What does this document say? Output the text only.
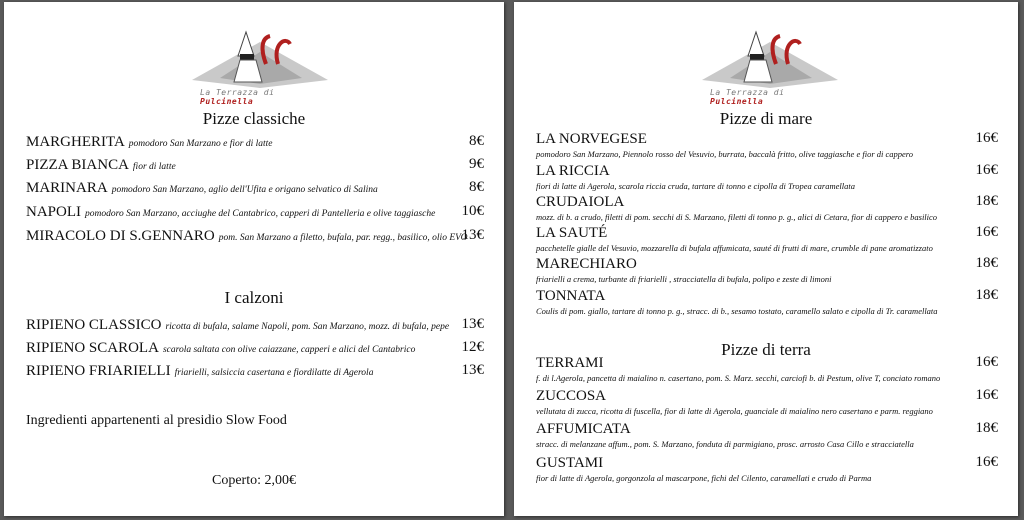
La Terrazza di Pulcinella
Pizze classiche
MARGHERITA pomodoro San Marzano e fior di latte	8€
PIZZA BIANCA fior di latte	9€
MARINARA pomodoro San Marzano, aglio dell'Ufita e origano selvatico di Salina	8€
NAPOLI pomodoro San Marzano, acciughe del Cantabrico, capperi di Pantelleria e olive taggiasche 10€
MIRACOLO DI S.GENNARO pom. San Marzano a filetto, bufala, par. regg., basilico, olio EVO
13€
I calzoni
RIPIENO CLASSICO ricotta di bufala, salame Napoli, pom. San Marzano, mozz. di bufala, pepe 13€
RIPIENO SCAROLA scarola saltata con olive caiazzane, capperi e alici del Cantabrico	12€
RIPIENO FRIARIELLI friarielli, salsiccia casertana e fiordilatte di Agerola	13€
Ingredienti appartenenti al presidio Slow Food
Coperto: 2,00€
La Terrazza di Pulcinella
Pizze di mare
LA NORVEGESE
pomodoro San Marzano, Piennolo rosso del Vesuvio, burrata, baccalà fritto, olive taggiasche e fior di cappero
16€
LA RICCIA
fiori di latte di Agerola, scarola riccia cruda, tartare di tonno e cipolla di Tropea caramellata
16€
CRUDAIOLA
mozz. di b. a crudo, filetti di pom. secchi di S. Marzano, filetti di tonno p. g., alici di Cetara, fior di cappero e basilico
18€
LA SAUTÉ
pacchetelle gialle del Vesuvio, mozzarella di bufala affumicata, sauté di frutti di mare, crumble di pane aromatizzato
16€
MARECHIARO
friarielli a crema, turbante di friarielli , stracciatella di bufala, polipo e zeste di limoni
18€
TONNATA
Coulis di pom. giallo, tartare di tonno p. g., stracc. di b., sesamo tostato, caramello salato e cipolla di Tr. caramellata
18€
Pizze di terra
TERRAMI
f. di l.Agerola, pancetta di maialino n. casertano, pom. S. Marz. secchi, carciofi b. di Pestum, olive T, conciato romano
16€
ZUCCOSA
vellutata di zucca, ricotta di fuscella, fior di latte di Agerola, guanciale di maialino nero casertano e parm. reggiano
16€
AFFUMICATA
stracc. di melanzane affum., pom. S. Marzano, fonduta di parmigiano, prosc. arrosto Casa Cillo e stracciatella
18€
GUSTAMI
fior di latte di Agerola, gorgonzola al mascarpone, fichi del Cilento, caramellati e crudo di Parma
16€
